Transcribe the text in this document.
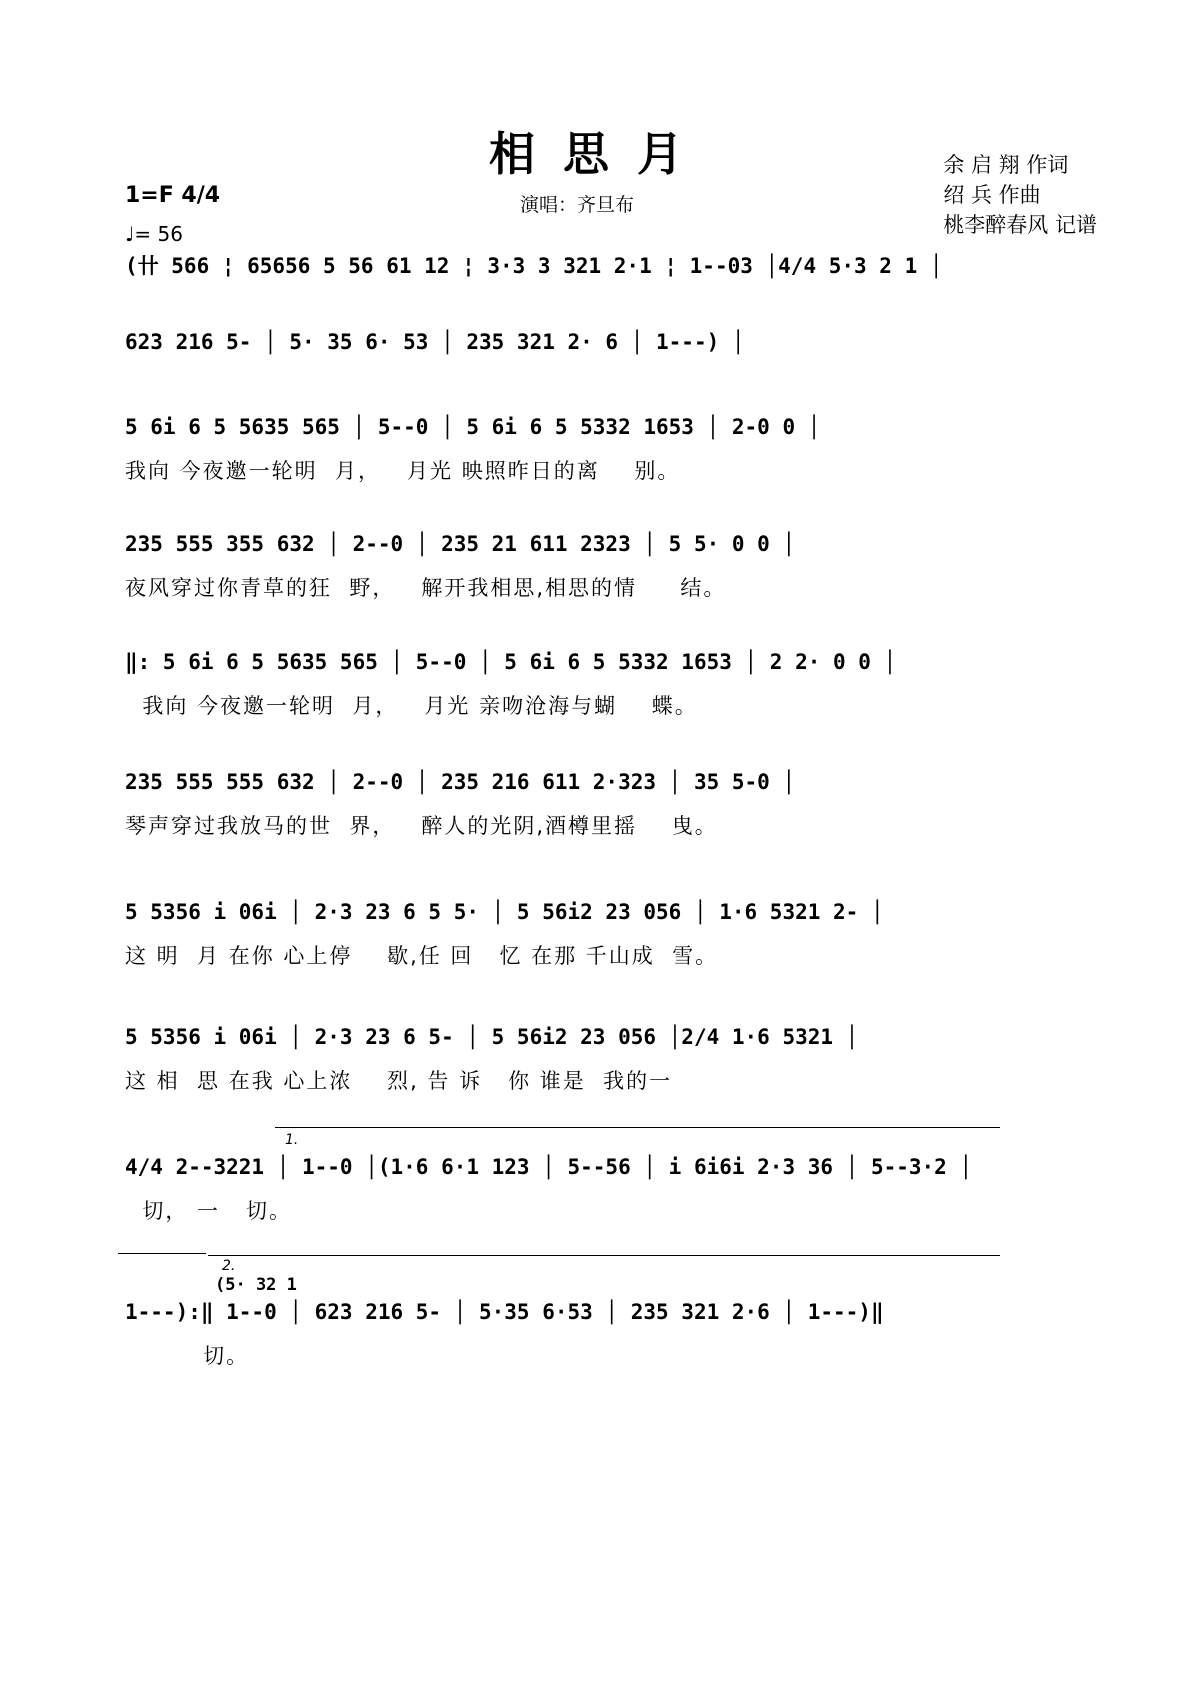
相思月
1=F 4/4
♩= 56
演唱：齐旦布
余 启 翔 作词
绍 兵 作曲
桃李醉春风 记谱
(卄 566 ¦ 65656 5 56 61 12 ¦ 3·3 3 321 2·1 ¦ 1--03 │4/4 5·3 2 1 │
623 216 5- │ 5· 35 6· 53 │ 235 321 2· 6 │ 1---) │
5 6i 6 5 5635 565 │ 5--0 │ 5 6i 6 5 5332 1653 │ 2-0 0 │
我向 今夜邀一轮明  月，   月光 映照昨日的离    别。
235 555 355 632 │ 2--0 │ 235 21 611 2323 │ 5 5· 0 0 │
夜风穿过你青草的狂  野，   解开我相思,相思的情     结。
‖: 5 6i 6 5 5635 565 │ 5--0 │ 5 6i 6 5 5332 1653 │ 2 2· 0 0 │
我向 今夜邀一轮明  月，   月光 亲吻沧海与蝴    蝶。
235 555 555 632 │ 2--0 │ 235 216 611 2·323 │ 35 5-0 │
琴声穿过我放马的世  界，   醉人的光阴,酒樽里摇    曳。
5 5356 i 06i │ 2·3 23 6 5 5· │ 5 56i2 23 056 │ 1·6 5321 2- │
这 明  月 在你 心上停    歇,任 回   忆 在那 千山成  雪。
5 5356 i 06i │ 2·3 23 6 5- │ 5 56i2 23 056 │2/4 1·6 5321 │
这 相  思 在我 心上浓    烈, 告 诉   你 谁是  我的一
1.
4/4 2--3221 │ 1--0 │(1·6 6·1 123 │ 5--56 │ i 6i6i 2·3 36 │ 5--3·2 │
切， 一   切。
2.
(5· 32 1
1---):‖ 1--0 │ 623 216 5- │ 5·35 6·53 │ 235 321 2·6 │ 1---)‖
切。
